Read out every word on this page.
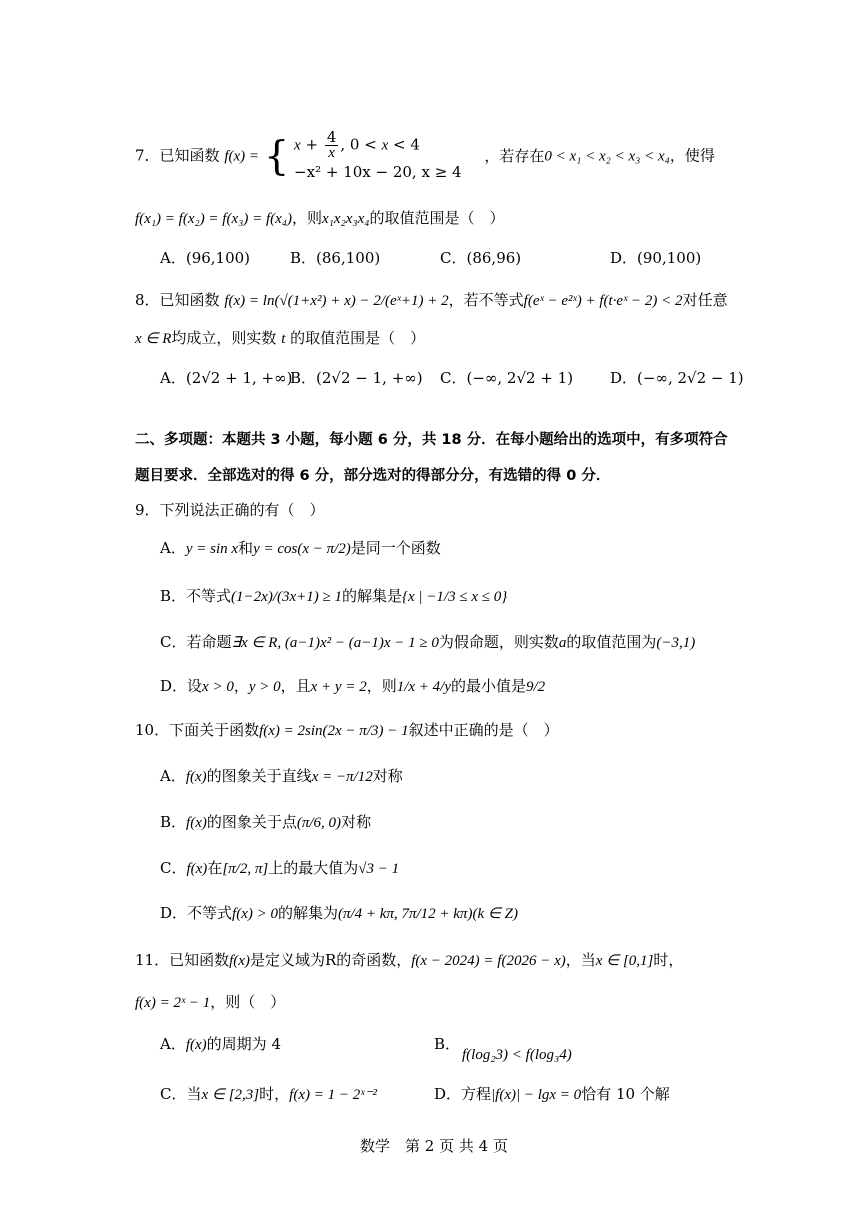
7．已知函数 f(x) = { $x + \frac{4}{x}$ , 0 < x < 4
−x² + 10x − 20, x ≥ 4
，若存在0 < x₁ < x₂ < x₃ < x₄，使得
f(x₁) = f(x₂) = f(x₃) = f(x₄)，则x₁x₂x₃x₄的取值范围是（　）
A．(96,100)	B．(86,100)	C．(86,96)	D．(90,100)
8．已知函数 f(x) = ln(√(1+x²) + x) − 2/(eˣ+1) + 2，若不等式f(eˣ − e²ˣ) + f(t·eˣ − 2) < 2对任意
x ∈ R均成立，则实数 t 的取值范围是（　）
A．(2√2 + 1, +∞)
B．(2√2 − 1, +∞) C．(−∞, 2√2 + 1) D．(−∞, 2√2 − 1)
二、多项题：本题共 3 小题，每小题 6 分，共 18 分．在每小题给出的选项中，有多项符合
题目要求．全部选对的得 6 分，部分选对的得部分分，有选错的得 0 分．
9．下列说法正确的有（　）
A．y = sin x和y = cos(x − π/2)是同一个函数
B．不等式(1−2x)/(3x+1) ≥ 1的解集是{x | −1/3 ≤ x ≤ 0}
C．若命题∃x ∈ R, (a−1)x² − (a−1)x − 1 ≥ 0为假命题，则实数a的取值范围为(−3,1)
D．设x > 0，y > 0，且x + y = 2，则1/x + 4/y的最小值是9/2
10．下面关于函数f(x) = 2sin(2x − π/3) − 1叙述中正确的是（　）
A．f(x)的图象关于直线x = −π/12对称
B．f(x)的图象关于点(π/6, 0)对称
C．f(x)在[π/2, π]上的最大值为√3 − 1
D．不等式f(x) > 0的解集为(π/4 + kπ, 7π/12 + kπ)(k ∈ Z)
11．已知函数f(x)是定义域为R的奇函数，f(x − 2024) = f(2026 − x)，当x ∈ [0,1]时，
f(x) = 2ˣ − 1，则（　）
A．f(x)的周期为 4	B．
f(log₂3) < f(log₃4)
C．当x ∈ [2,3]时，f(x) = 1 − 2ˣ⁻²	D．方程|f(x)| − lgx = 0恰有 10 个解
数学　第 2 页 共 4 页
